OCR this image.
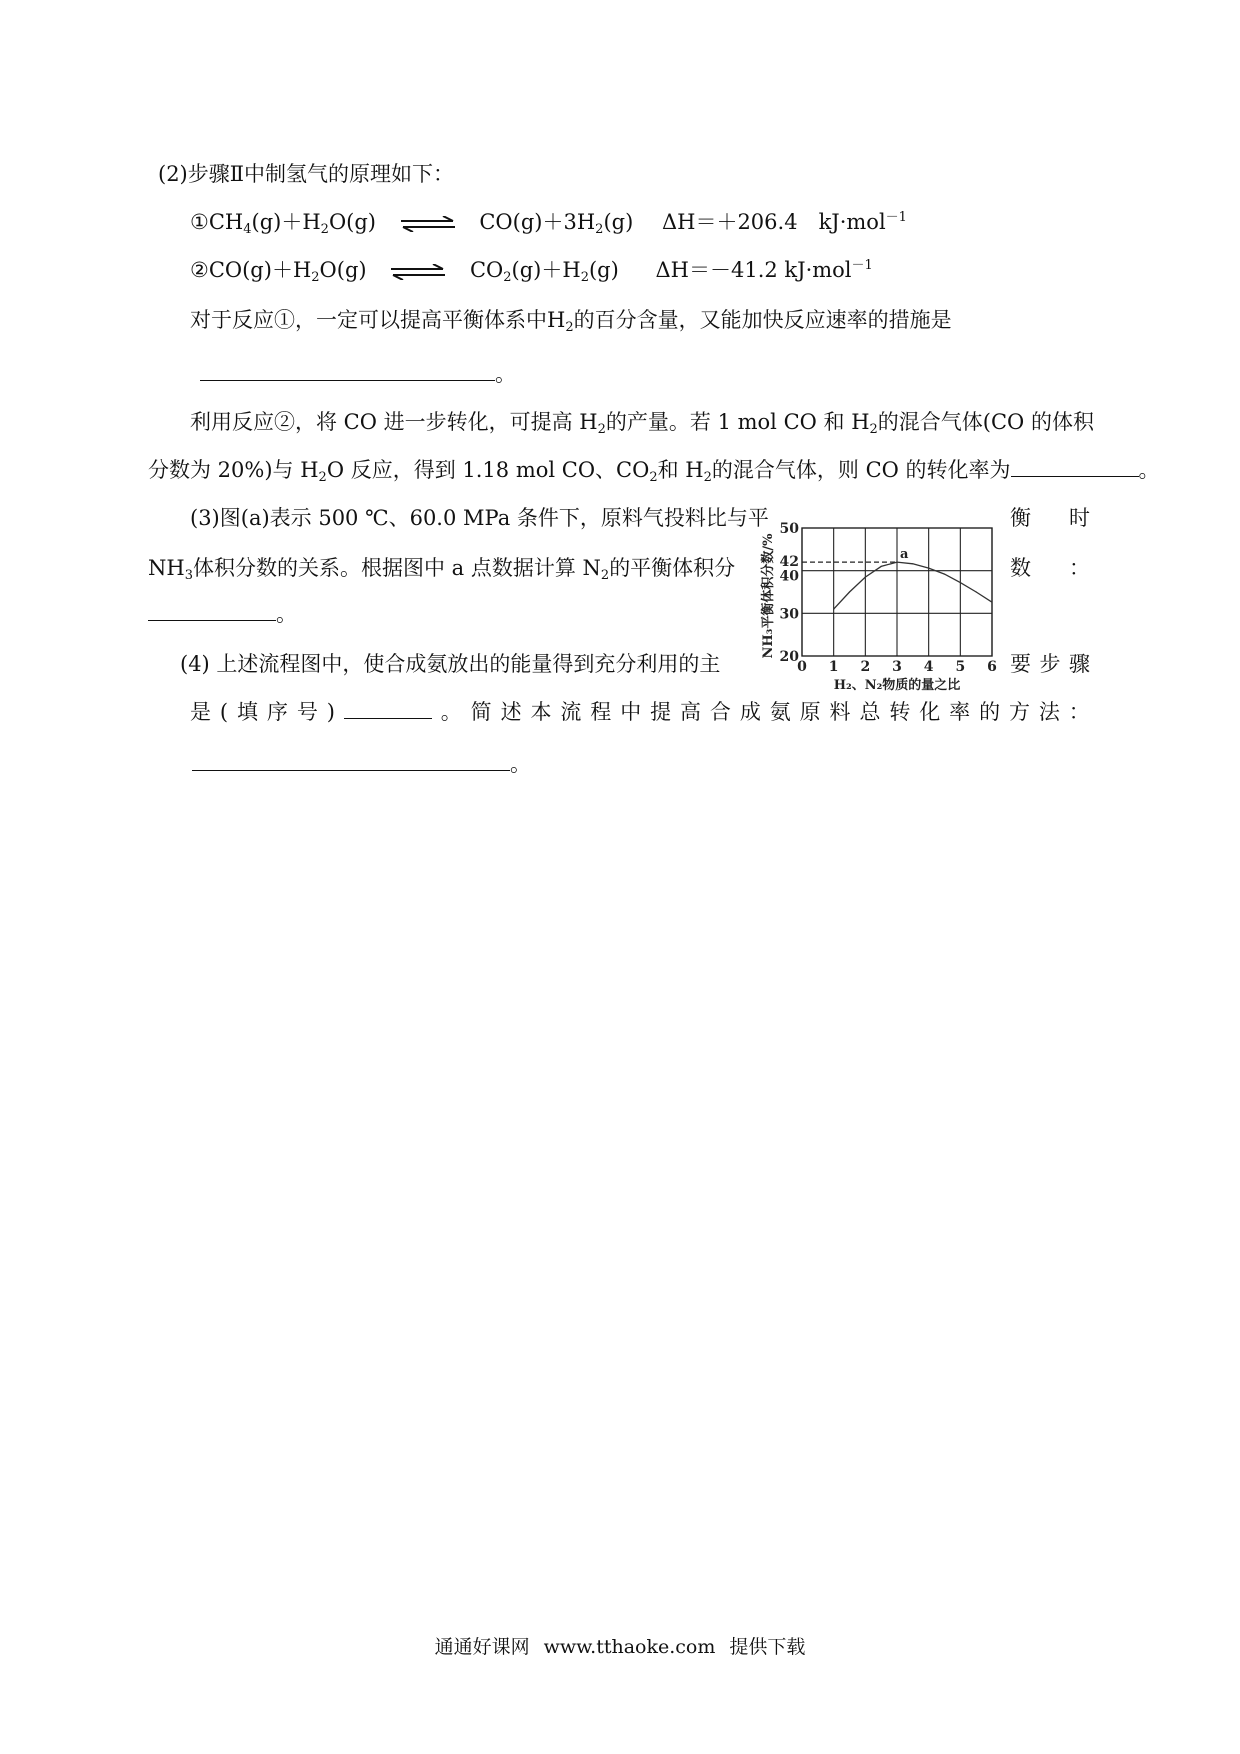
(2)步骤Ⅱ中制氢气的原理如下：
$①CH_4(g)+H_2O(g)$ ⇌ $CO(g)+3H_2(g)$ ΔH＝＋206.4　kJ·mol$^{-1}$
$②CO(g)+H_2O(g)$ ⇌ $CO_2(g)+H_2(g)$ ΔH＝－41.2 kJ·mol$^{-1}$
对于反应①，一定可以提高平衡体系中$H_2$的百分含量，又能加快反应速率的措施是
。
利用反应②，将 CO 进一步转化，可提高 $H_2$的产量。若 1 mol CO 和 $H_2$的混合气体(CO 的体积
分数为 20%)与 $H_2O$ 反应，得到 1.18 mol CO、$CO_2$和 $H_2$的混合气体，则 CO 的转化率为	。
(3)图(a)表示 500 ℃、60.0 MPa 条件下，原料气投料比与平	衡 时
$NH_3$体积分数的关系。根据图中 a 点数据计算 $N_2$的平衡体积分	数 ：
。
(4) 上述流程图中，使合成氨放出的能量得到充分利用的主	要 步 骤
是 ( 填 序 号 )	。 简 述 本 流 程 中 提 高 合 成 氨 原 料 总 转 化 率 的 方 法 ：
。
0 1 2 3 4 5 6
20
30
40
42
50
a
H₂、N₂物质的量之比
NH₃平衡体积分数/%
通通好课网 www.tthaoke.com 提供下载
